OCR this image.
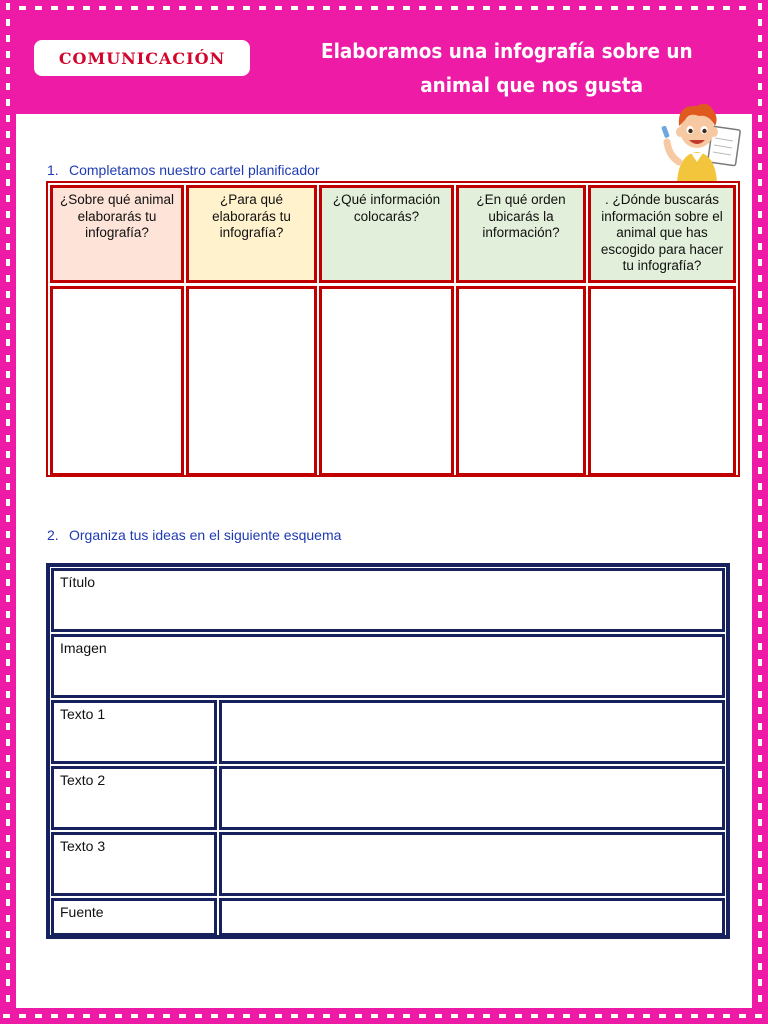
COMUNICACIÓN	Elaboramos una infografía sobre un
animal que nos gusta
1. Completamos nuestro cartel planificador
¿Sobre qué animal elaborarás tu infografía?
¿Para qué elaborarás tu infografía?
¿Qué información colocarás?
¿En qué orden ubicarás la información?
. ¿Dónde buscarás información sobre el animal que has escogido para hacer tu infografía?
2. Organiza tus ideas en el siguiente esquema
Título
Imagen
Texto 1
Texto 2
Texto 3
Fuente
